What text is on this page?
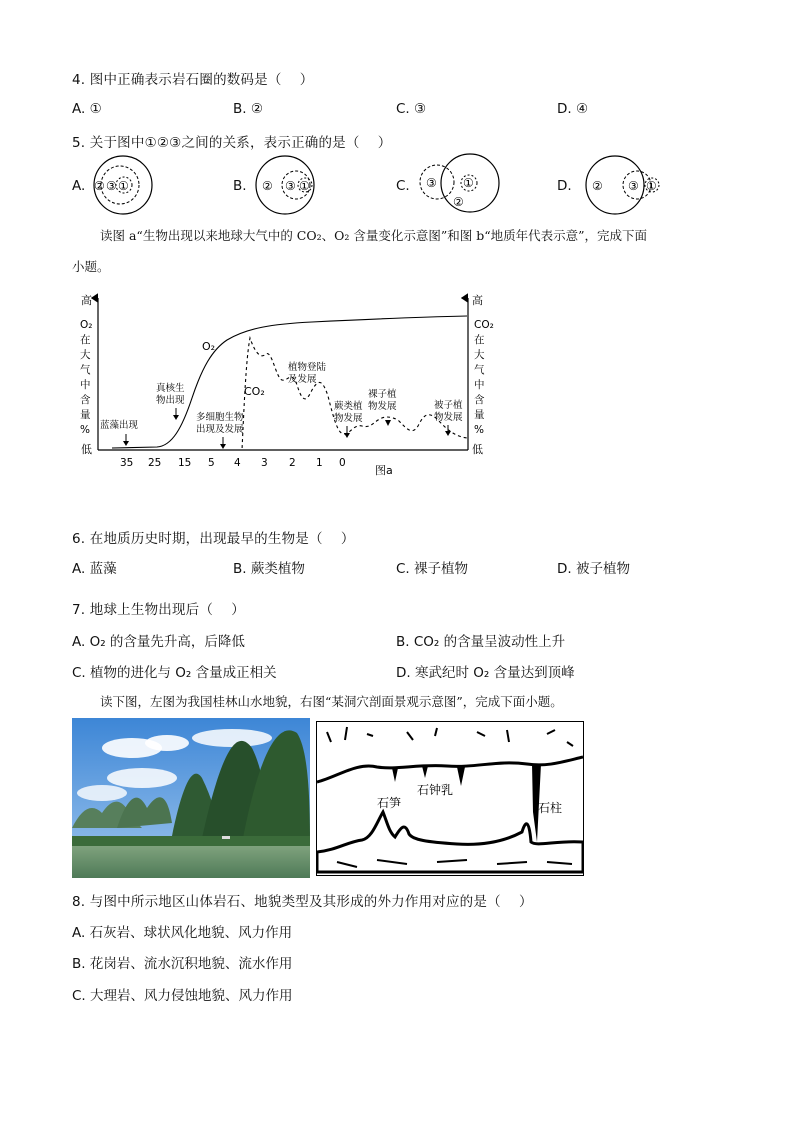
4. 图中正确表示岩石圈的数码是（　 ）
A. ①	B. ②	C. ③	D. ④
5. 关于图中①②③之间的关系，表示正确的是（　 ）
A.	B.	C.	D.
② ③ ①	② ③ ①	③ ①
②
② ③ ①
读图 a“生物出现以来地球大气中的 CO₂、O₂ 含量变化示意图”和图 b“地质年代表示意”，完成下面
小题。
高
低
高
低
O₂
在
大
气
中
含
量
%
CO₂
在
大
气
中
含
量
%
O₂
CO₂
蓝藻出现
真核生
物出现
多细胞生物
出现及发展
植物登陆
及发展
蕨类植
物发展
裸子植
物发展	被子植
物发展
35 25 15 5 4 3 2 1 0
图a
6. 在地质历史时期，出现最早的生物是（　 ）
A. 蓝藻	B. 蕨类植物	C. 裸子植物	D. 被子植物
7. 地球上生物出现后（　 ）
A. O₂ 的含量先升高，后降低	B. CO₂ 的含量呈波动性上升
C. 植物的进化与 O₂ 含量成正相关	D. 寒武纪时 O₂ 含量达到顶峰
读下图，左图为我国桂林山水地貌，右图“某洞穴剖面景观示意图”，完成下面小题。
石钟乳
石笋	石柱
8. 与图中所示地区山体岩石、地貌类型及其形成的外力作用对应的是（　 ）
A. 石灰岩、球状风化地貌、风力作用
B. 花岗岩、流水沉积地貌、流水作用
C. 大理岩、风力侵蚀地貌、风力作用
